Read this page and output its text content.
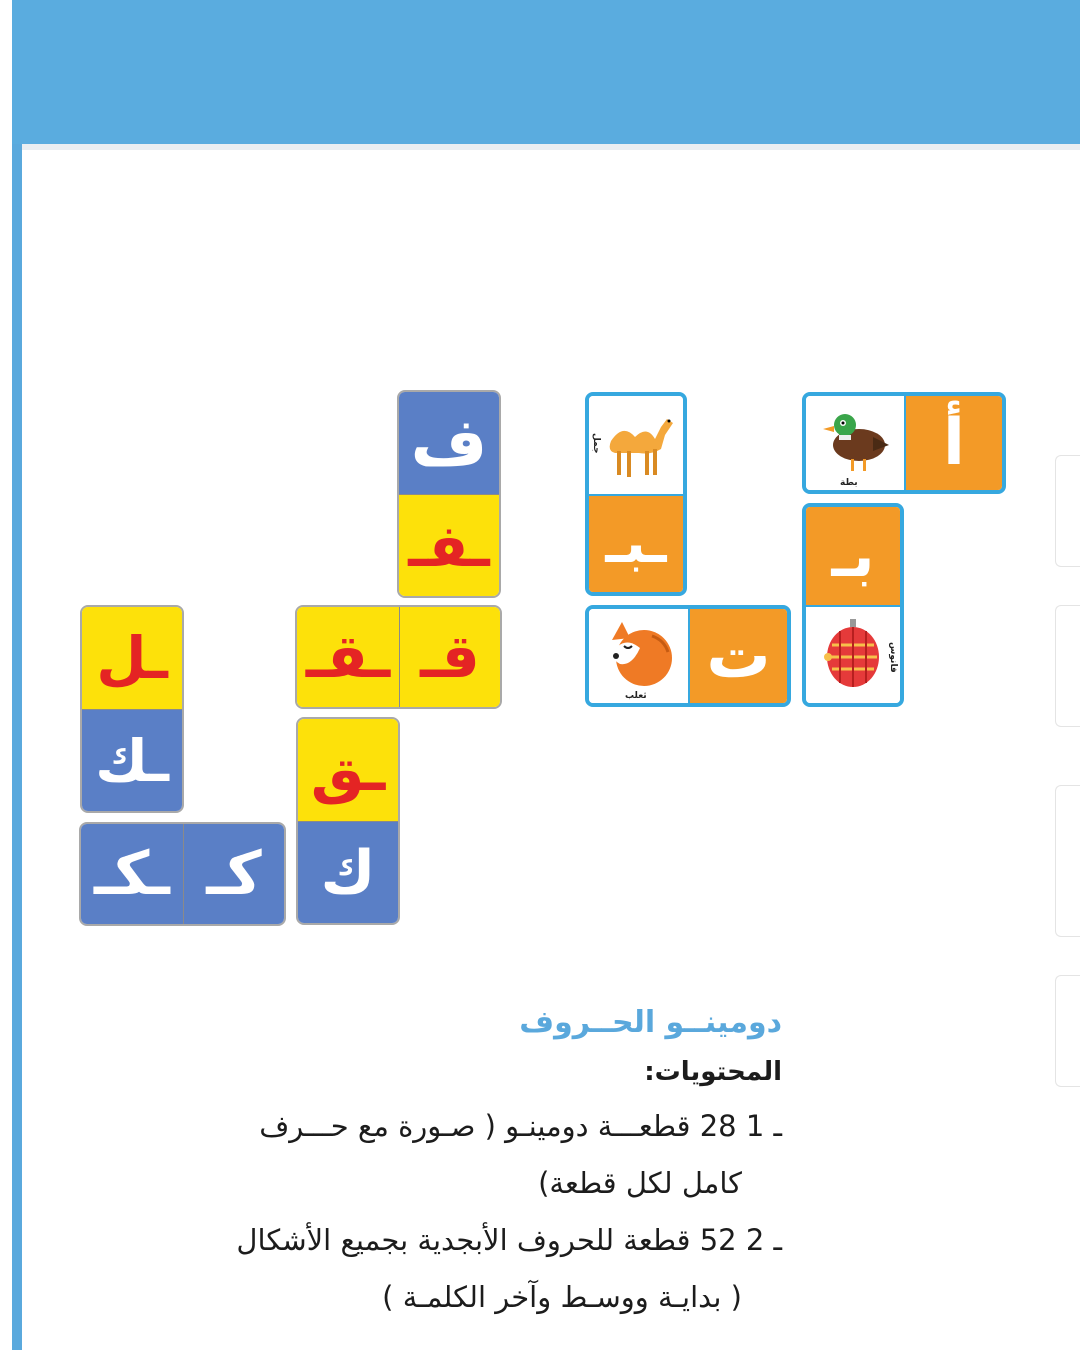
بطة
أ
بـ
فانوس
جمل
ـبـ
ثعلب
ت
ف
ـفـ
ـقـ قـ
ـق
ك
ـل
ـك
ـكـ كـ

دومينــو الحــروف

المحتويات:

1 ـ 28 قطعـــة دومينـو ( صـورة مع حـــرف

كامل لكل قطعة)

2 ـ 52 قطعة للحروف الأبجدية بجميع الأشكال

( بدايـة ووسـط وآخر الكلمـة )
